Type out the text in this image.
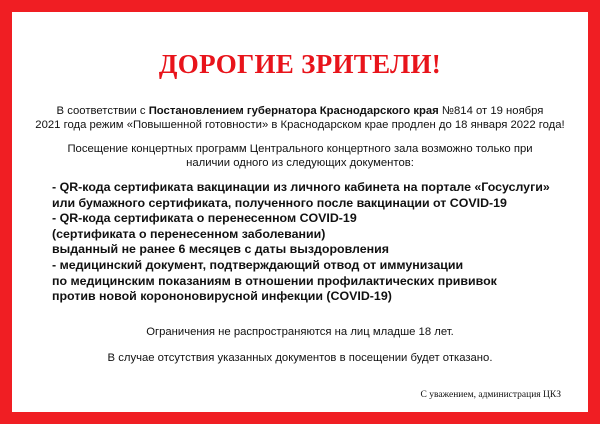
ДОРОГИЕ ЗРИТЕЛИ!
В соответствии с Постановлением губернатора Краснодарского края №814 от 19 ноября
2021 года режим «Повышенной готовности» в Краснодарском крае продлен до 18 января 2022 года!
Посещение концертных программ Центрального концертного зала возможно только при
наличии одного из следующих документов:
- QR-кода сертификата вакцинации из личного кабинета на портале «Госуслуги»
или бумажного сертификата, полученного после вакцинации от COVID-19
- QR-кода сертификата о перенесенном COVID-19
(сертификата о перенесенном заболевании)
выданный не ранее 6 месяцев с даты выздоровления
- медицинский документ, подтверждающий отвод от иммунизации
по медицинским показаниям в отношении профилактических прививок
против новой корононовирусной инфекции (COVID-19)
Ограничения не распространяются на лиц младше 18 лет.
В случае отсутствия указанных документов в посещении будет отказано.
С уважением, администрация ЦКЗ
